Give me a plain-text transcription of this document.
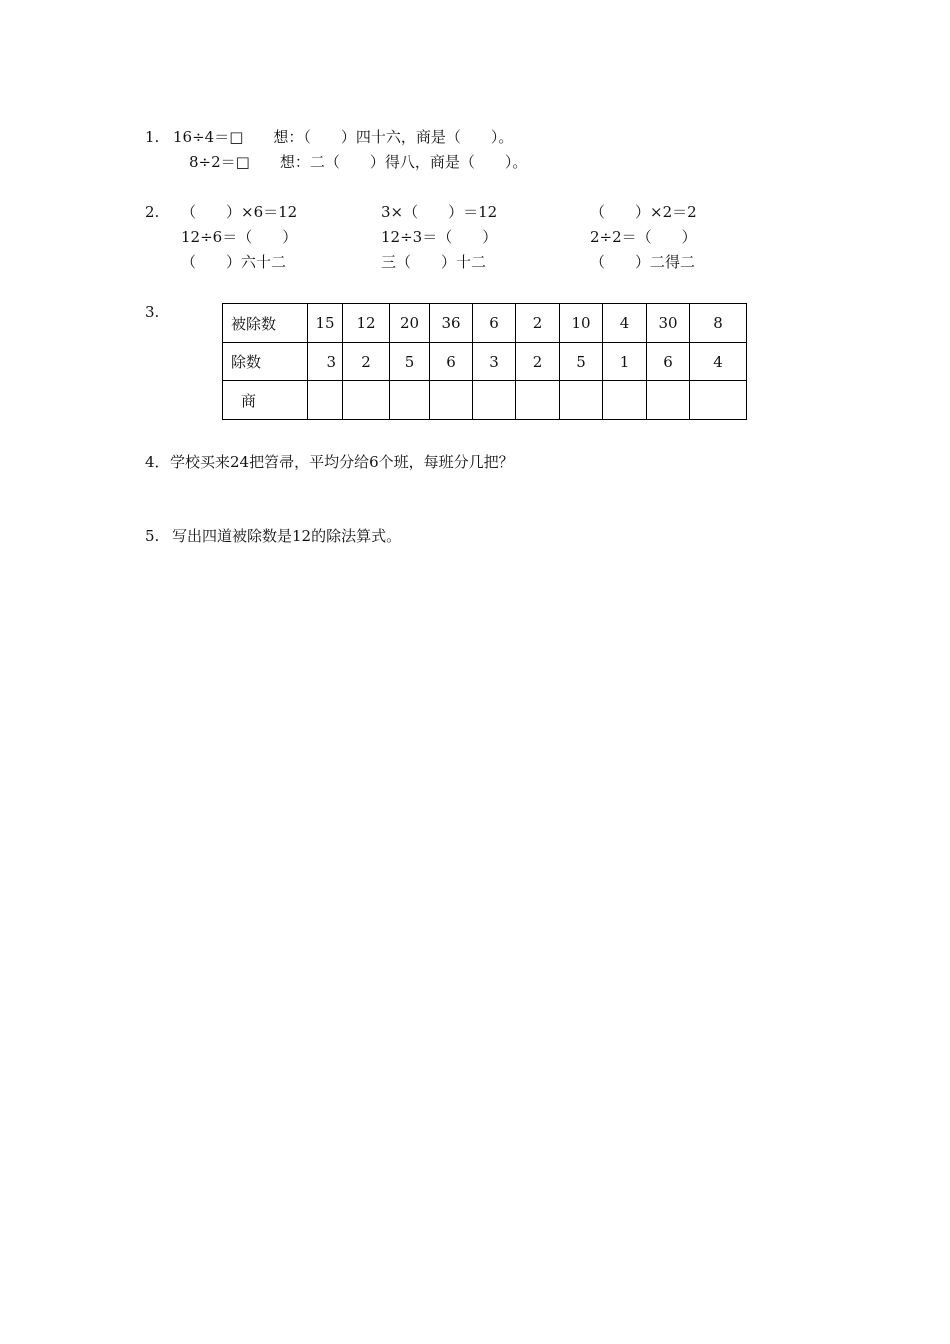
1. 16÷4＝□　　想：（　　）四十六，商是（　　）。
8÷2＝□　　想：二（　　）得八，商是（　　）。
2. （　　）×6＝12	3×（　　）＝12	（　　）×2＝2
12÷6＝（　　）	12÷3＝（　　）	2÷2＝（　　）
（　　）六十二	三（　　）十二	（　　）二得二
3.
被除数	15	12	20	36	6	2	10	4	30	8
除数	3	2	5	6	3	2	5	1	6	4
商										
4． 学校买来24把笤帚，平均分给6个班，每班分几把？
5. 写出四道被除数是12的除法算式。
